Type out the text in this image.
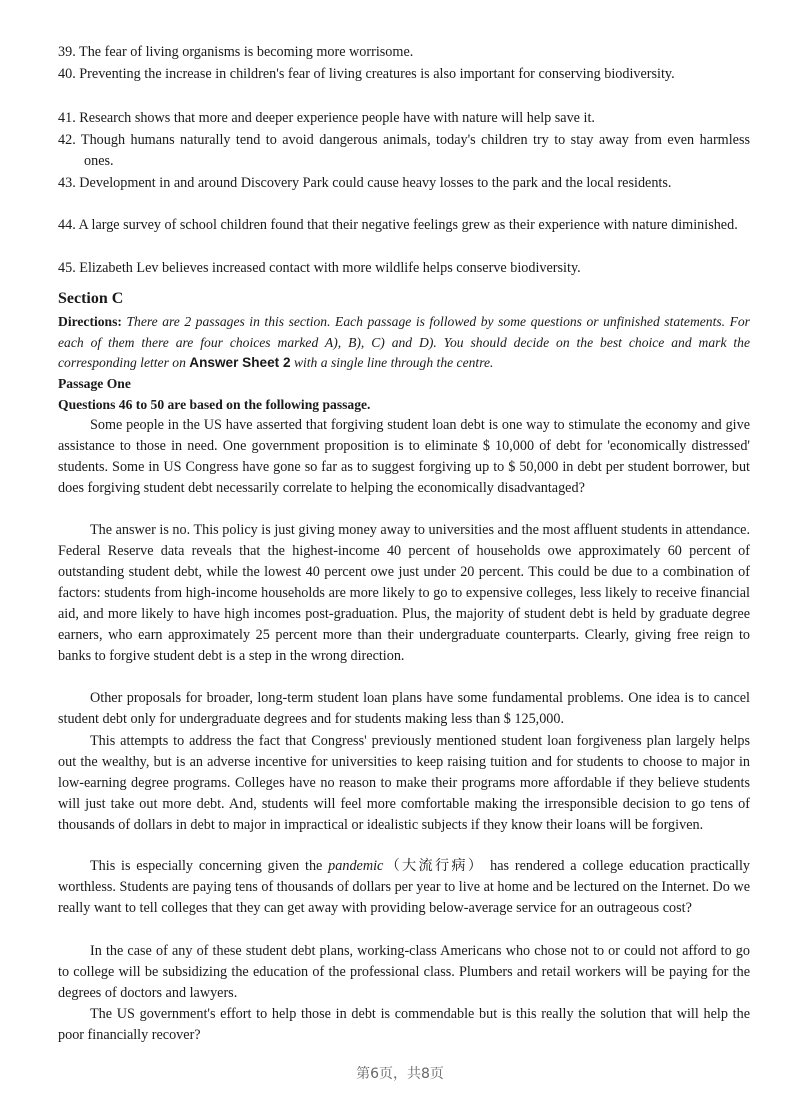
39. The fear of living organisms is becoming more worrisome.
40. Preventing the increase in children's fear of living creatures is also important for conserving biodiversity.
41. Research shows that more and deeper experience people have with nature will help save it.
42. Though humans naturally tend to avoid dangerous animals, today's children try to stay away from even harmless ones.
43. Development in and around Discovery Park could cause heavy losses to the park and the local residents.
44. A large survey of school children found that their negative feelings grew as their experience with nature diminished.
45. Elizabeth Lev believes increased contact with more wildlife helps conserve biodiversity.
Section C
Directions: There are 2 passages in this section. Each passage is followed by some questions or unfinished statements. For each of them there are four choices marked A), B), C) and D). You should decide on the best choice and mark the corresponding letter on Answer Sheet 2 with a single line through the centre.
Passage One
Questions 46 to 50 are based on the following passage.
Some people in the US have asserted that forgiving student loan debt is one way to stimulate the economy and give assistance to those in need. One government proposition is to eliminate $ 10,000 of debt for 'economically distressed' students. Some in US Congress have gone so far as to suggest forgiving up to $ 50,000 in debt per student borrower, but does forgiving student debt necessarily correlate to helping the economically disadvantaged?
The answer is no. This policy is just giving money away to universities and the most affluent students in attendance. Federal Reserve data reveals that the highest-income 40 percent of households owe approximately 60 percent of outstanding student debt, while the lowest 40 percent owe just under 20 percent. This could be due to a combination of factors: students from high-income households are more likely to go to expensive colleges, less likely to receive financial aid, and more likely to have high incomes post-graduation. Plus, the majority of student debt is held by graduate degree earners, who earn approximately 25 percent more than their undergraduate counterparts. Clearly, giving free reign to banks to forgive student debt is a step in the wrong direction.
Other proposals for broader, long-term student loan plans have some fundamental problems. One idea is to cancel student debt only for undergraduate degrees and for students making less than $ 125,000.
This attempts to address the fact that Congress' previously mentioned student loan forgiveness plan largely helps out the wealthy, but is an adverse incentive for universities to keep raising tuition and for students to choose to major in low-earning degree programs. Colleges have no reason to make their programs more affordable if they believe students will just take out more debt. And, students will feel more comfortable making the irresponsible decision to go tens of thousands of dollars in debt to major in impractical or idealistic subjects if they know their loans will be forgiven.
This is especially concerning given the pandemic（大流行病） has rendered a college education practically worthless. Students are paying tens of thousands of dollars per year to live at home and be lectured on the Internet. Do we really want to tell colleges that they can get away with providing below-average service for an outrageous cost?
In the case of any of these student debt plans, working-class Americans who chose not to or could not afford to go to college will be subsidizing the education of the professional class. Plumbers and retail workers will be paying for the degrees of doctors and lawyers.
The US government's effort to help those in debt is commendable but is this really the solution that will help the poor financially recover?
第6页，共8页
